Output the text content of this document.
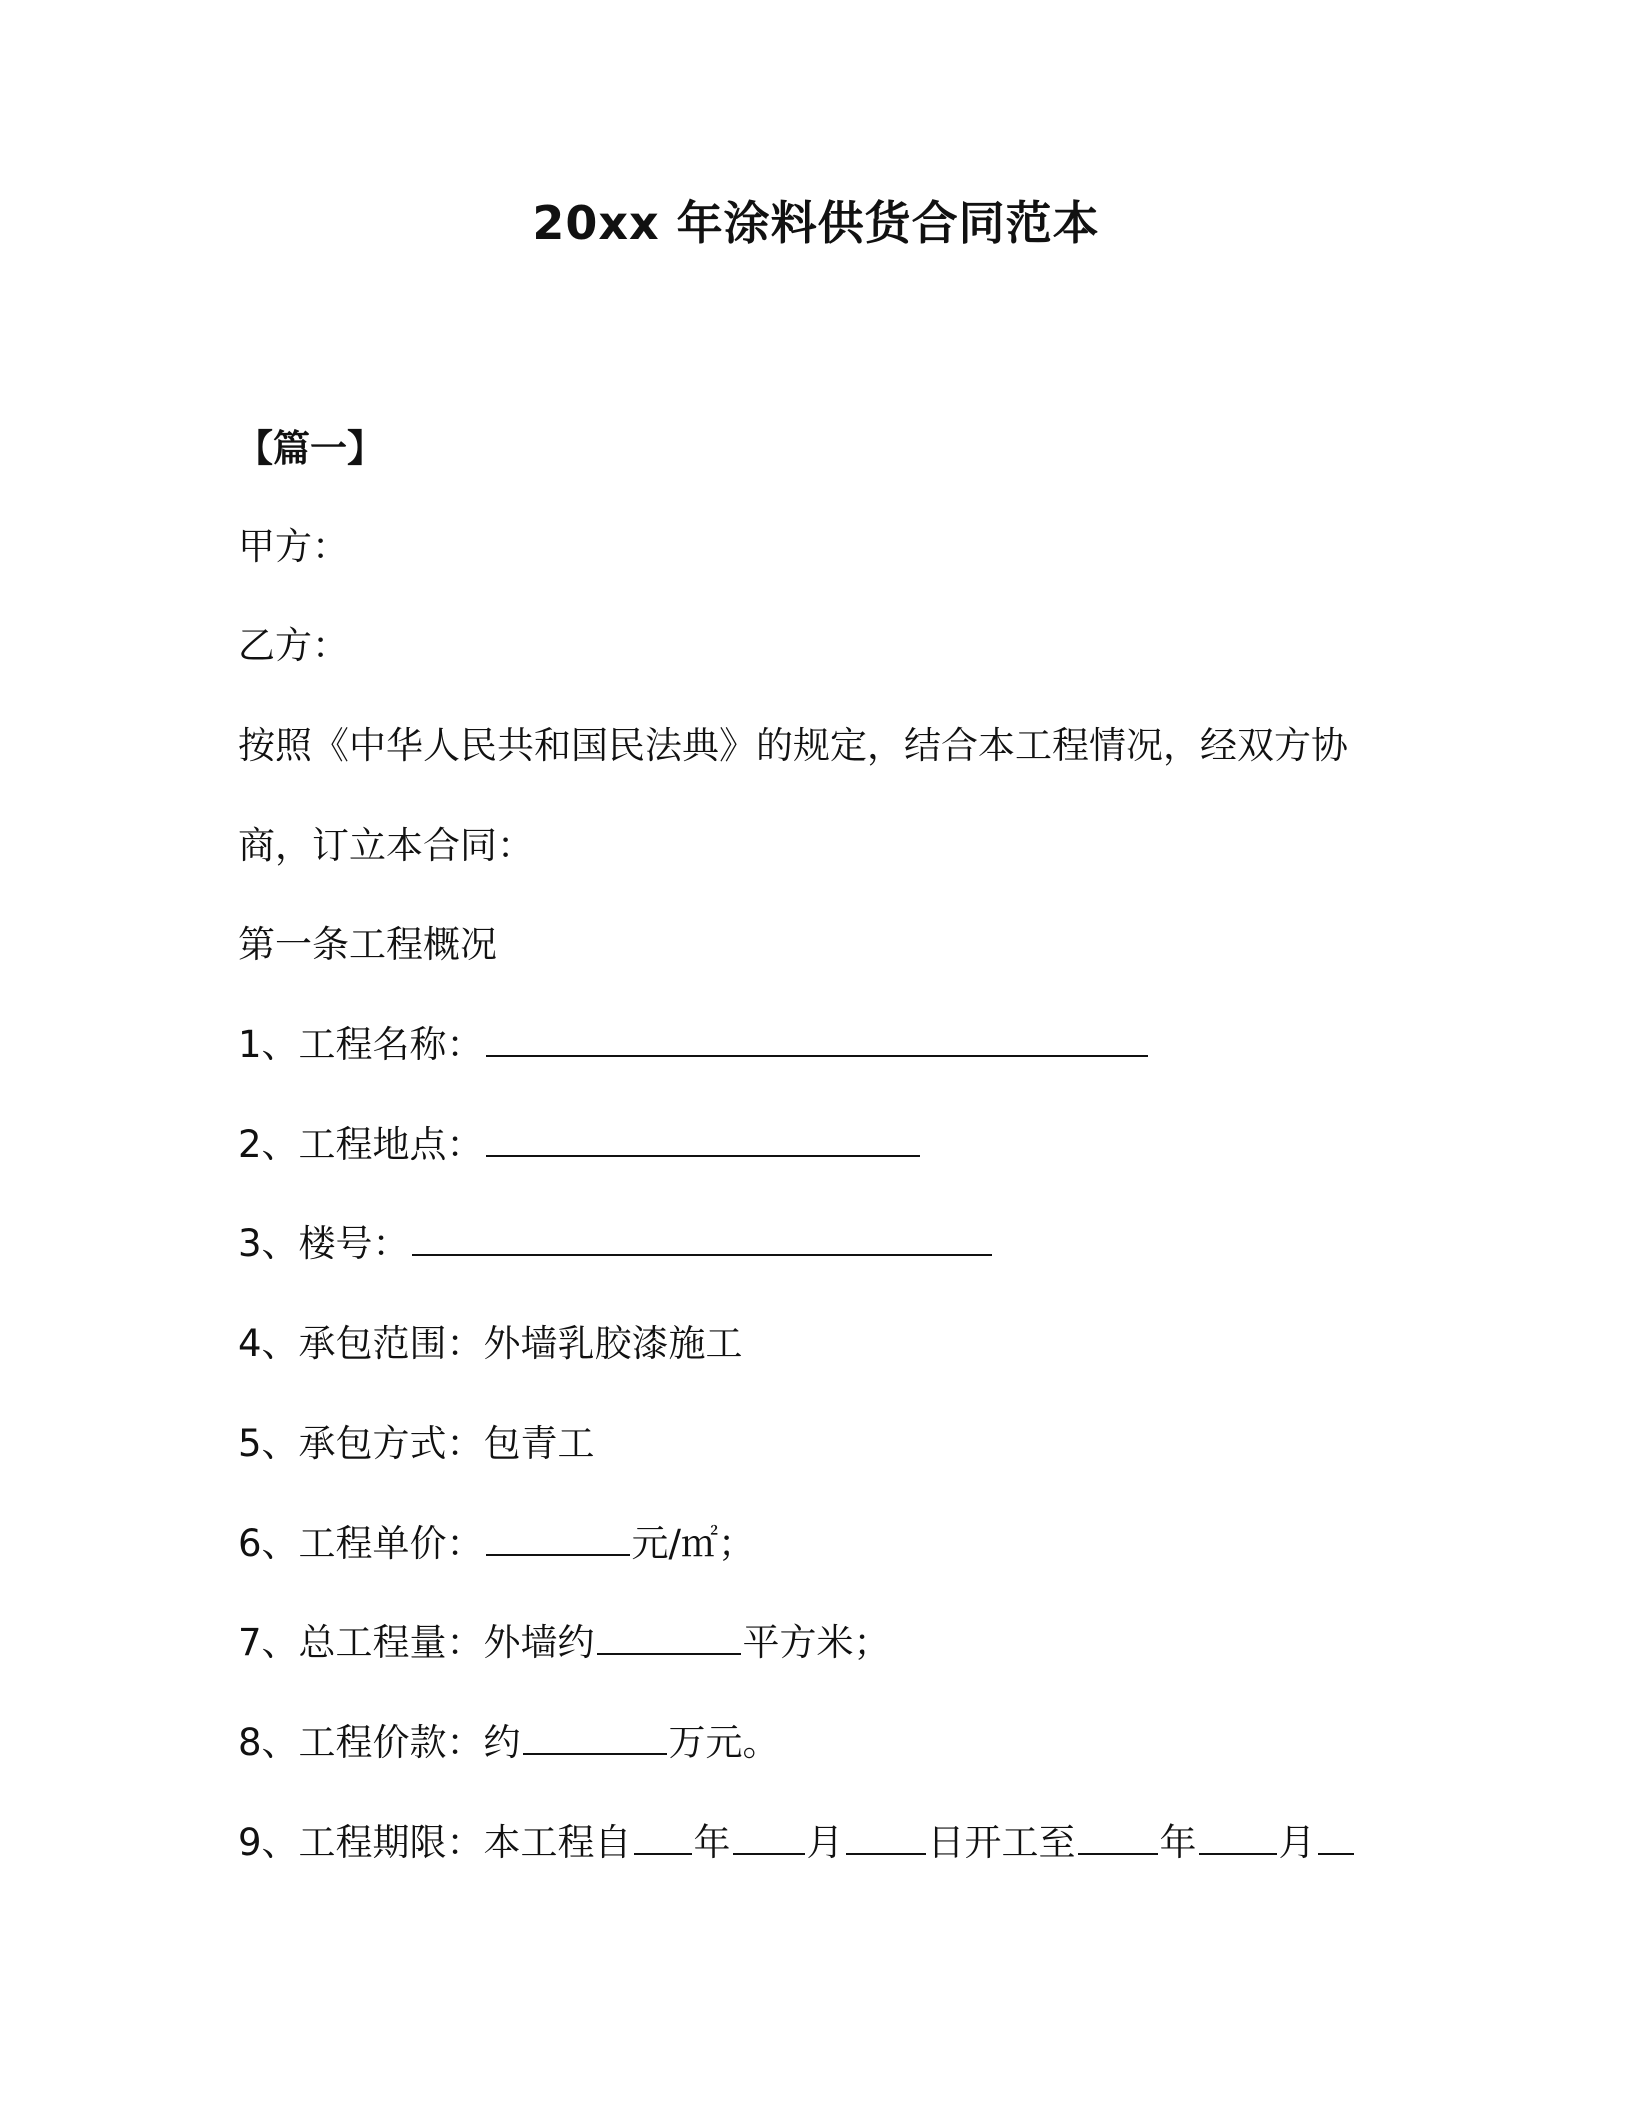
20xx 年涂料供货合同范本
【篇一】
甲方：
乙方：
按照《中华人民共和国民法典》的规定，结合本工程情况，经双方协
商，订立本合同：
第一条工程概况
1、工程名称：
2、工程地点：
3、楼号：
4、承包范围：外墙乳胶漆施工
5、承包方式：包青工
6、工程单价：	元/㎡；
7、总工程量：外墙约	平方米；
8、工程价款：约	万元。
9、工程期限：本工程自 年 月 日开工至 年 月
